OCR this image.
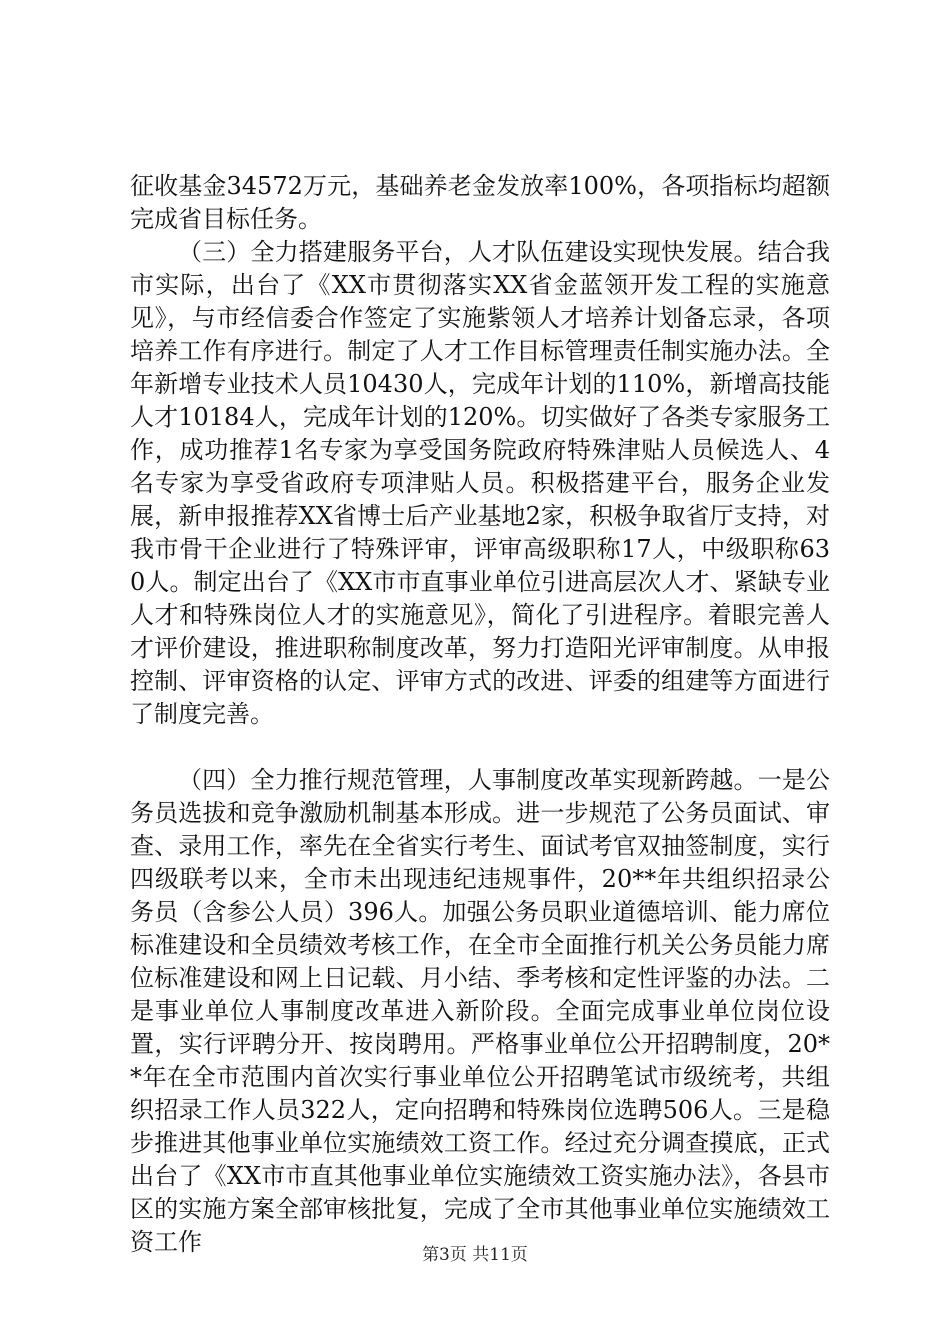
征收基金34572万元，基础养老金发放率100%，各项指标均超额完成省目标任务。

（三）全力搭建服务平台，人才队伍建设实现快发展。结合我市实际，出台了《XX市贯彻落实XX省金蓝领开发工程的实施意见》，与市经信委合作签定了实施紫领人才培养计划备忘录，各项培养工作有序进行。制定了人才工作目标管理责任制实施办法。全年新增专业技术人员10430人，完成年计划的110%，新增高技能人才10184人，完成年计划的120%。切实做好了各类专家服务工作，成功推荐1名专家为享受国务院政府特殊津贴人员候选人、4名专家为享受省政府专项津贴人员。积极搭建平台，服务企业发展，新申报推荐XX省博士后产业基地2家，积极争取省厅支持，对我市骨干企业进行了特殊评审，评审高级职称17人，中级职称630人。制定出台了《XX市市直事业单位引进高层次人才、紧缺专业人才和特殊岗位人才的实施意见》，简化了引进程序。着眼完善人才评价建设，推进职称制度改革，努力打造阳光评审制度。从申报控制、评审资格的认定、评审方式的改进、评委的组建等方面进行了制度完善。

（四）全力推行规范管理，人事制度改革实现新跨越。一是公务员选拔和竞争激励机制基本形成。进一步规范了公务员面试、审查、录用工作，率先在全省实行考生、面试考官双抽签制度，实行四级联考以来，全市未出现违纪违规事件，20**年共组织招录公务员（含参公人员）396人。加强公务员职业道德培训、能力席位标准建设和全员绩效考核工作，在全市全面推行机关公务员能力席位标准建设和网上日记载、月小结、季考核和定性评鉴的办法。二是事业单位人事制度改革进入新阶段。全面完成事业单位岗位设置，实行评聘分开、按岗聘用。严格事业单位公开招聘制度，20**年在全市范围内首次实行事业单位公开招聘笔试市级统考，共组织招录工作人员322人，定向招聘和特殊岗位选聘506人。三是稳步推进其他事业单位实施绩效工资工作。经过充分调查摸底，正式出台了《XX市市直其他事业单位实施绩效工资实施办法》，各县市区的实施方案全部审核批复，完成了全市其他事业单位实施绩效工资工作	第3页 共11页
